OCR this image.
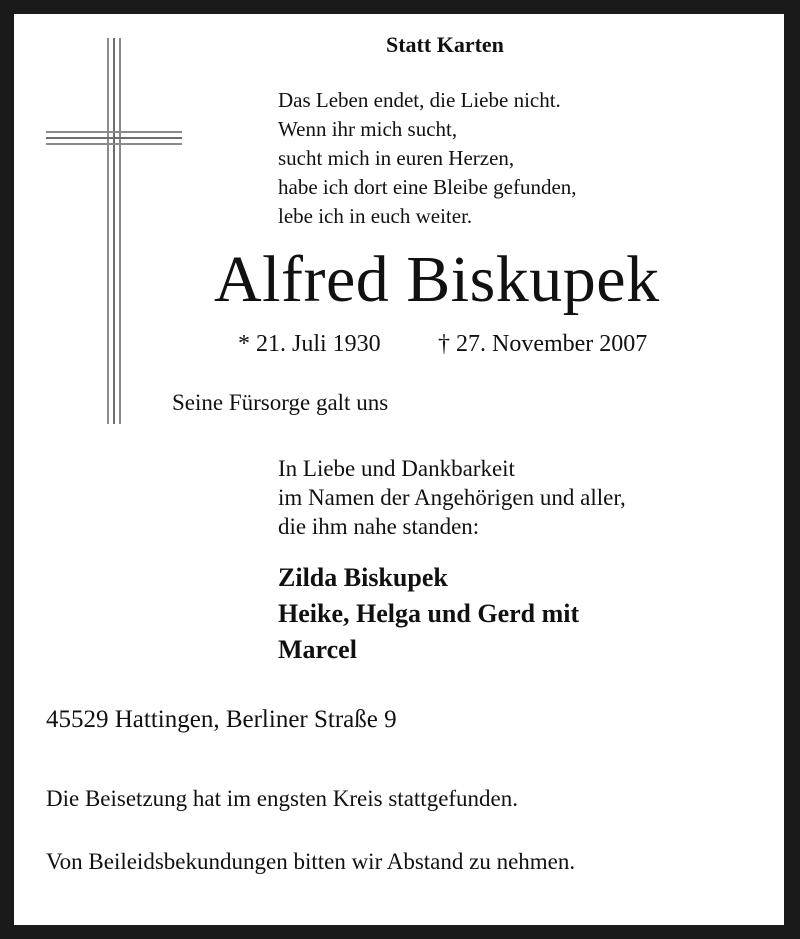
Statt Karten
Das Leben endet, die Liebe nicht.
Wenn ihr mich sucht,
sucht mich in euren Herzen,
habe ich dort eine Bleibe gefunden,
lebe ich in euch weiter.
Alfred Biskupek
* 21. Juli 1930 † 27. November 2007
Seine Fürsorge galt uns
In Liebe und Dankbarkeit
im Namen der Angehörigen und aller,
die ihm nahe standen:
Zilda Biskupek
Heike, Helga und Gerd mit
Marcel
45529 Hattingen, Berliner Straße 9
Die Beisetzung hat im engsten Kreis stattgefunden.
Von Beileidsbekundungen bitten wir Abstand zu nehmen.
